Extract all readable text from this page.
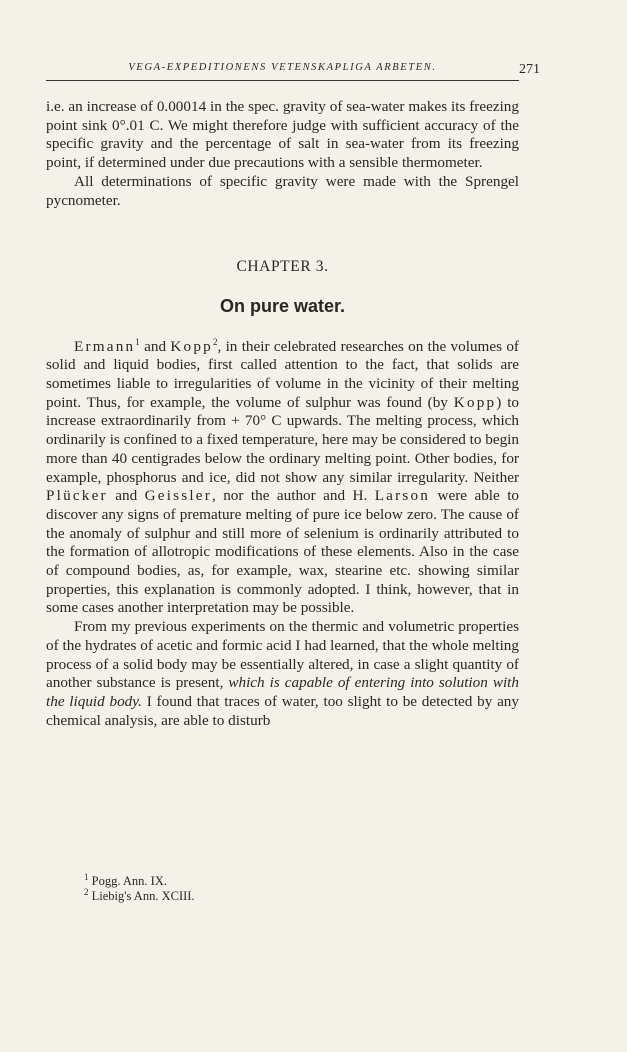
VEGA-EXPEDITIONENS VETENSKAPLIGA ARBETEN.	271

i.e. an increase of 0.00014 in the spec. gravity of sea-water makes its freezing point sink 0°.01 C. We might therefore judge with sufficient accuracy of the specific gravity and the percentage of salt in sea-water from its freezing point, if determined under due precautions with a sensible thermometer.

All determinations of specific gravity were made with the Sprengel pycnometer.

CHAPTER 3.
On pure water.

Ermann$^1$ and Kopp$^2$, in their celebrated researches on the volumes of solid and liquid bodies, first called attention to the fact, that solids are sometimes liable to irregularities of volume in the vicinity of their melting point. Thus, for example, the volume of sulphur was found (by Kopp) to increase extraordinarily from + 70° C upwards. The melting process, which ordinarily is confined to a fixed temperature, here may be considered to begin more than 40 centigrades below the ordinary melting point. Other bodies, for example, phosphorus and ice, did not show any similar irregularity. Neither Plücker and Geissler, nor the author and H. Larson were able to discover any signs of premature melting of pure ice below zero. The cause of the anomaly of sulphur and still more of selenium is ordinarily attributed to the formation of allotropic modifications of these elements. Also in the case of compound bodies, as, for example, wax, stearine etc. showing similar properties, this explanation is commonly adopted. I think, however, that in some cases another interpretation may be possible.

From my previous experiments on the thermic and volumetric properties of the hydrates of acetic and formic acid I had learned, that the whole melting process of a solid body may be essentially altered, in case a slight quantity of another substance is present, which is capable of entering into solution with the liquid body. I found that traces of water, too slight to be detected by any chemical analysis, are able to disturb

$^1$ Pogg. Ann. IX.
$^2$ Liebig's Ann. XCIII.
